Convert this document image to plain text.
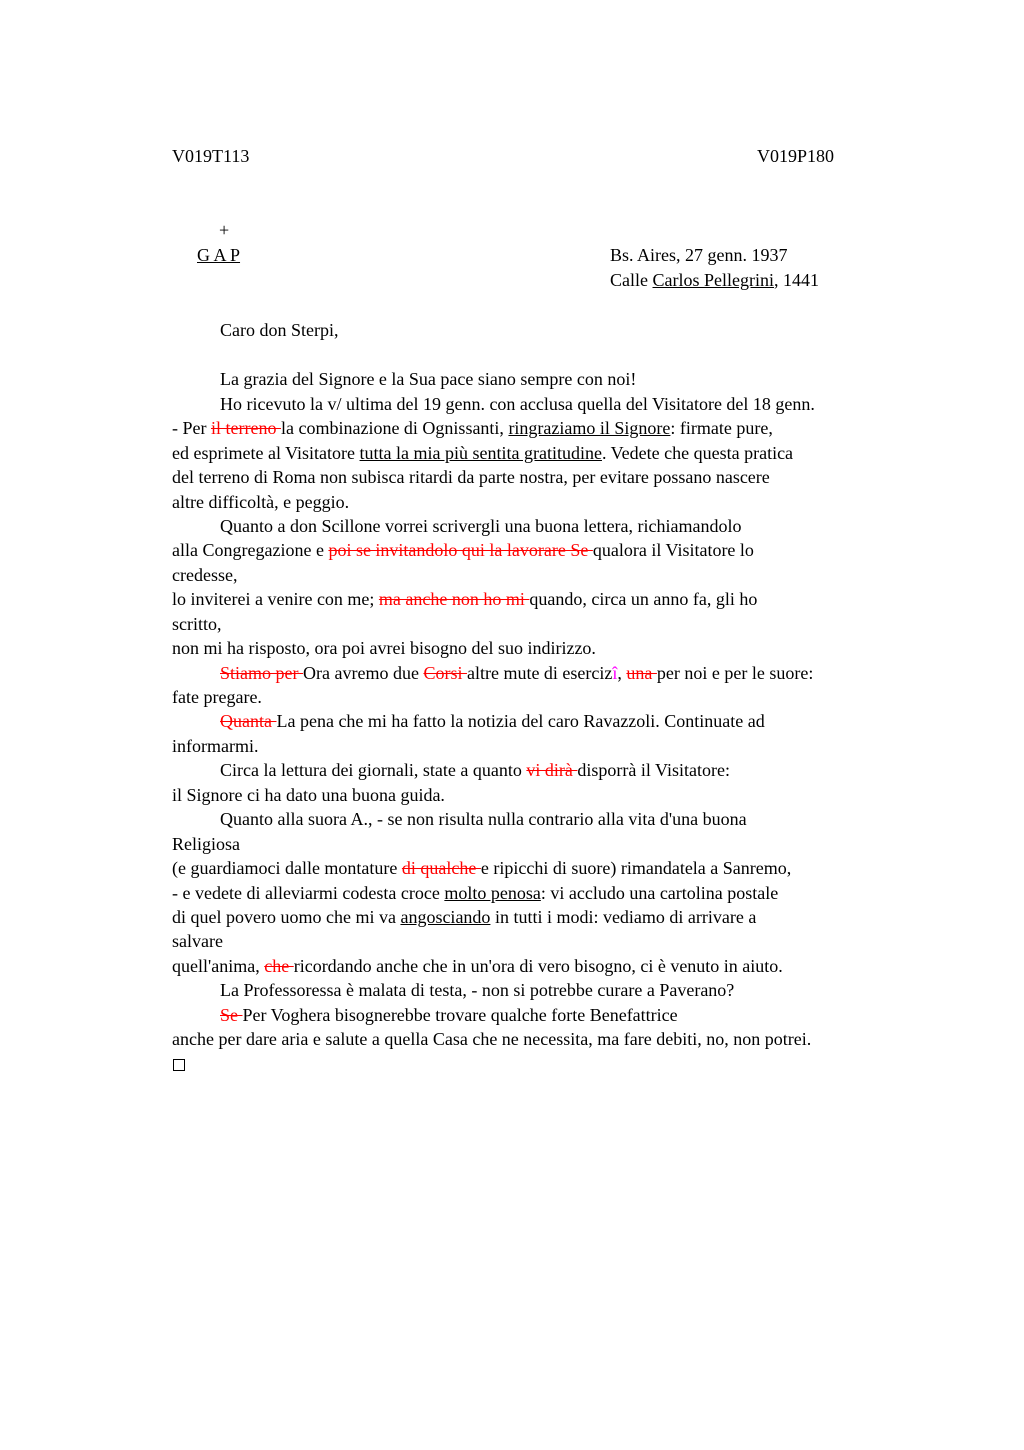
V019T113	V019P180
+
G A P	Bs. Aires, 27 genn. 1937
Calle Carlos Pellegrini, 1441
Caro don Sterpi,
La grazia del Signore e la Sua pace siano sempre con noi!
Ho ricevuto la v/ ultima del 19 genn. con acclusa quella del Visitatore del 18 genn.
- Per il terreno la combinazione di Ognissanti, ringraziamo il Signore: firmate pure,
ed esprimete al Visitatore tutta la mia più sentita gratitudine. Vedete che questa pratica
del terreno di Roma non subisca ritardi da parte nostra, per evitare possano nascere
altre difficoltà, e peggio.
Quanto a don Scillone vorrei scrivergli una buona lettera, richiamandolo
alla Congregazione e poi se invitandolo qui la lavorare Se qualora il Visitatore lo
credesse,
lo inviterei a venire con me; ma anche non ho mi quando, circa un anno fa, gli ho
scritto,
non mi ha risposto, ora poi avrei bisogno del suo indirizzo.
Stiamo per Ora avremo due Corsi altre mute di esercizî, una per noi e per le suore:
fate pregare.
Quanta La pena che mi ha fatto la notizia del caro Ravazzoli. Continuate ad
informarmi.
Circa la lettura dei giornali, state a quanto vi dirà disporrà il Visitatore:
il Signore ci ha dato una buona guida.
Quanto alla suora A., - se non risulta nulla contrario alla vita d'una buona
Religiosa
(e guardiamoci dalle montature di qualche e ripicchi di suore) rimandatela a Sanremo,
- e vedete di alleviarmi codesta croce molto penosa: vi accludo una cartolina postale
di quel povero uomo che mi va angosciando in tutti i modi: vediamo di arrivare a
salvare
quell'anima, che ricordando anche che in un'ora di vero bisogno, ci è venuto in aiuto.
La Professoressa è malata di testa, - non si potrebbe curare a Paverano?
Se Per Voghera bisognerebbe trovare qualche forte Benefattrice
anche per dare aria e salute a quella Casa che ne necessita, ma fare debiti, no, non potrei.
